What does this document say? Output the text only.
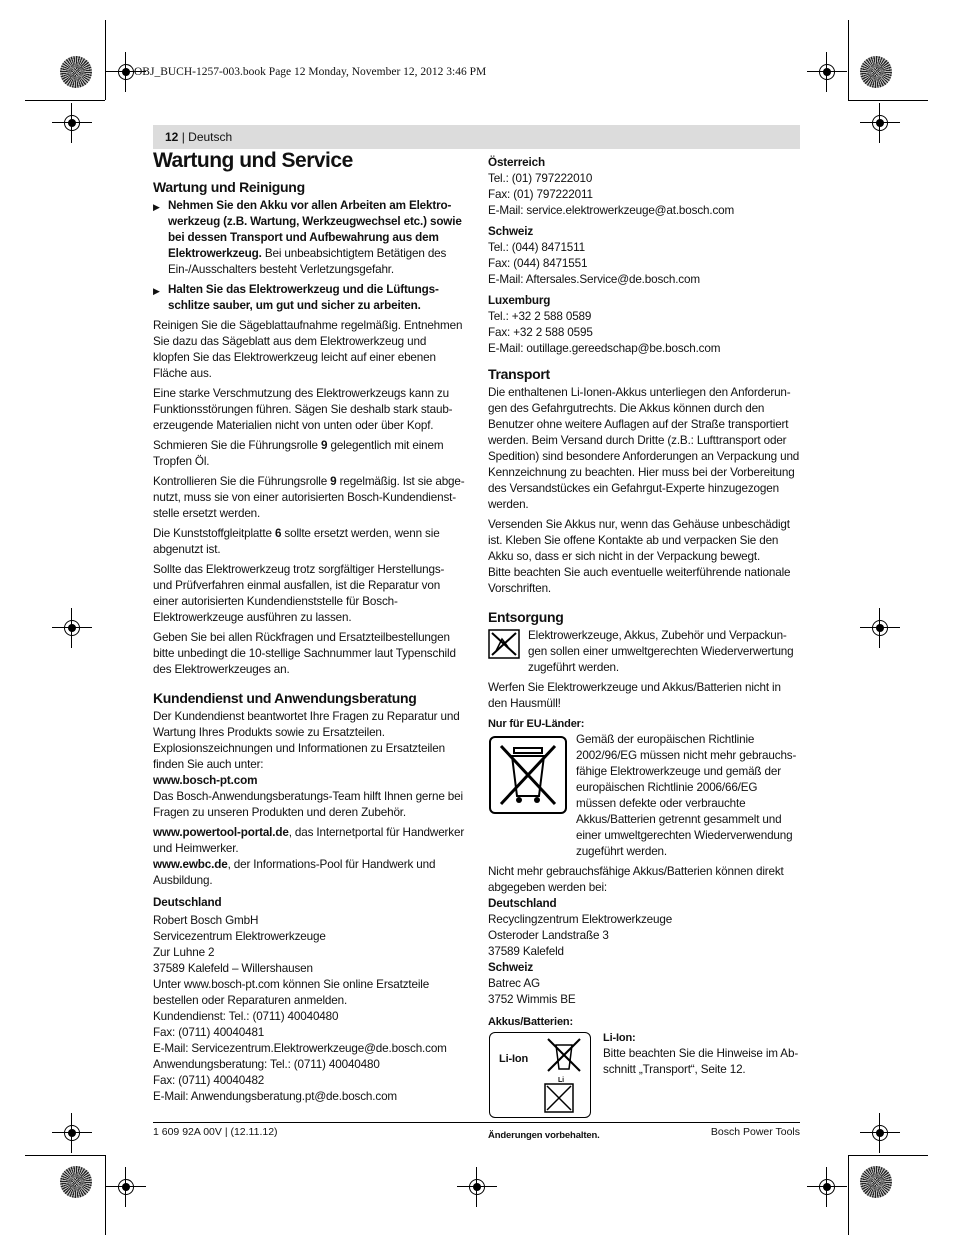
OBJ_BUCH-1257-003.book Page 12 Monday, November 12, 2012 3:46 PM
12 | Deutsch
Wartung und Service
Wartung und Reinigung

▶ Nehmen Sie den Akku vor allen Arbeiten am Elektrowerkzeug (z.B. Wartung, Werkzeugwechsel etc.) sowie bei dessen Transport und Aufbewahrung aus dem Elektrowerkzeug. Bei unbeabsichtigtem Betätigen des Ein-/Ausschalters besteht Verletzungsgefahr.

▶ Halten Sie das Elektrowerkzeug und die Lüftungsschlitze sauber, um gut und sicher zu arbeiten.

Reinigen Sie die Sägeblattaufnahme regelmäßig. Entnehmen Sie dazu das Sägeblatt aus dem Elektrowerkzeug und klopfen Sie das Elektrowerkzeug leicht auf einer ebenen Fläche aus.

Eine starke Verschmutzung des Elektrowerkzeugs kann zu Funktionsstörungen führen. Sägen Sie deshalb stark stauberzeugende Materialien nicht von unten oder über Kopf.

Schmieren Sie die Führungsrolle 9 gelegentlich mit einem Tropfen Öl.

Kontrollieren Sie die Führungsrolle 9 regelmäßig. Ist sie abgenutzt, muss sie von einer autorisierten Bosch-Kundendienststelle ersetzt werden.

Die Kunststoffgleitplatte 6 sollte ersetzt werden, wenn sie abgenutzt ist.

Sollte das Elektrowerkzeug trotz sorgfältiger Herstellungs- und Prüfverfahren einmal ausfallen, ist die Reparatur von einer autorisierten Kundendienststelle für Bosch-Elektrowerkzeuge ausführen zu lassen.

Geben Sie bei allen Rückfragen und Ersatzteilbestellungen bitte unbedingt die 10-stellige Sachnummer laut Typenschild des Elektrowerkzeuges an.

Kundendienst und Anwendungsberatung

Der Kundendienst beantwortet Ihre Fragen zu Reparatur und Wartung Ihres Produkts sowie zu Ersatzteilen. Explosionszeichnungen und Informationen zu Ersatzteilen finden Sie auch unter:

www.bosch-pt.com

Das Bosch-Anwendungsberatungs-Team hilft Ihnen gerne bei Fragen zu unseren Produkten und deren Zubehör.

www.powertool-portal.de, das Internetportal für Handwerker und Heimwerker.

www.ewbc.de, der Informations-Pool für Handwerk und Ausbildung.

Deutschland

Robert Bosch GmbH
Servicezentrum Elektrowerkzeuge
Zur Luhne 2
37589 Kalefeld – Willershausen
Unter www.bosch-pt.com können Sie online Ersatzteile bestellen oder Reparaturen anmelden.
Kundendienst: Tel.: (0711) 40040480
Fax: (0711) 40040481
E-Mail: Servicezentrum.Elektrowerkzeuge@de.bosch.com
Anwendungsberatung: Tel.: (0711) 40040480
Fax: (0711) 40040482
E-Mail: Anwendungsberatung.pt@de.bosch.com
Österreich
Tel.: (01) 797222010
Fax: (01) 797222011
E-Mail: service.elektrowerkzeuge@at.bosch.com
Schweiz
Tel.: (044) 8471511
Fax: (044) 8471551
E-Mail: Aftersales.Service@de.bosch.com
Luxemburg
Tel.: +32 2 588 0589
Fax: +32 2 588 0595
E-Mail: outillage.gereedschap@be.bosch.com
Transport

Die enthaltenen Li-Ionen-Akkus unterliegen den Anforderungen des Gefahrgutrechts. Die Akkus können durch den Benutzer ohne weitere Auflagen auf der Straße transportiert werden. Beim Versand durch Dritte (z.B.: Lufttransport oder Spedition) sind besondere Anforderungen an Verpackung und Kennzeichnung zu beachten. Hier muss bei der Vorbereitung des Versandstückes ein Gefahrgut-Experte hinzugezogen werden.

Versenden Sie Akkus nur, wenn das Gehäuse unbeschädigt ist. Kleben Sie offene Kontakte ab und verpacken Sie den Akku so, dass er sich nicht in der Verpackung bewegt.

Bitte beachten Sie auch eventuelle weiterführende nationale Vorschriften.

Entsorgung

Elektrowerkzeuge, Akkus, Zubehör und Verpackungen sollen einer umweltgerechten Wiederverwertung zugeführt werden.

Werfen Sie Elektrowerkzeuge und Akkus/Batterien nicht in den Hausmüll!

Nur für EU-Länder:

Gemäß der europäischen Richtlinie 2002/96/EG müssen nicht mehr gebrauchsfähige Elektrowerkzeuge und gemäß der europäischen Richtlinie 2006/66/EG müssen defekte oder verbrauchte Akkus/Batterien getrennt gesammelt und einer umweltgerechten Wiederverwendung zugeführt werden.

Nicht mehr gebrauchsfähige Akkus/Batterien können direkt abgegeben werden bei:

Deutschland
Recyclingzentrum Elektrowerkzeuge
Osteroder Landstraße 3
37589 Kalefeld
Schweiz
Batrec AG
3752 Wimmis BE
Akkus/Batterien:
Li-Ion
Li
Li-Ion:

Bitte beachten Sie die Hinweise im Abschnitt „Transport“, Seite 12.

Änderungen vorbehalten.
1 609 92A 00V | (12.11.12)	Bosch Power Tools
